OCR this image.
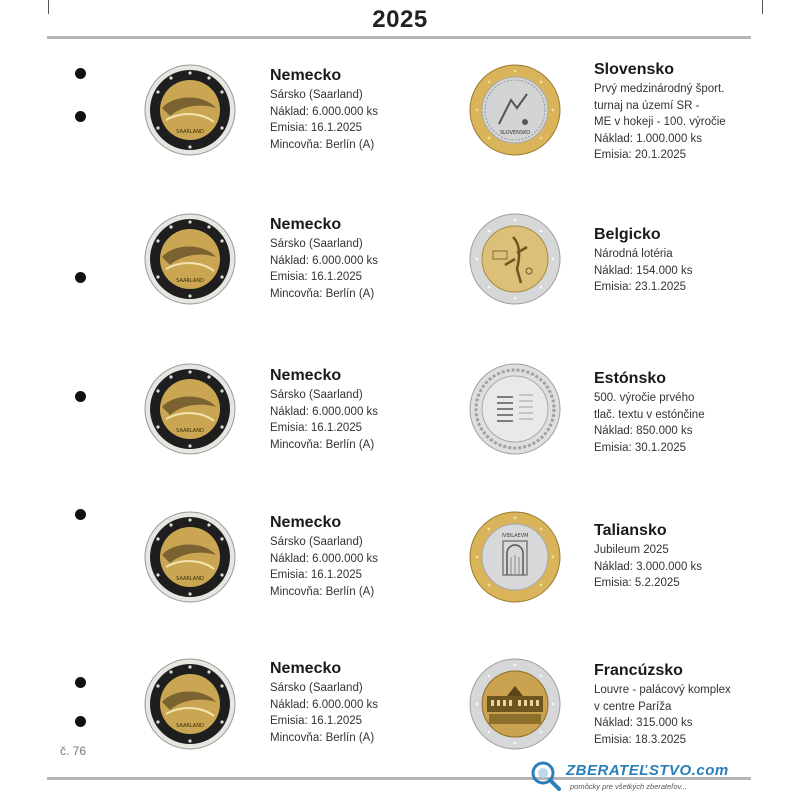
2025
SAARLAND
SAARLAND
SAARLAND
SAARLAND
SAARLAND
Nemecko
Sársko (Saarland)
Náklad: 6.000.000 ks
Emisia: 16.1.2025
Mincovňa: Berlín (A)
Nemecko
Sársko (Saarland)
Náklad: 6.000.000 ks
Emisia: 16.1.2025
Mincovňa: Berlín (A)
Nemecko
Sársko (Saarland)
Náklad: 6.000.000 ks
Emisia: 16.1.2025
Mincovňa: Berlín (A)
Nemecko
Sársko (Saarland)
Náklad: 6.000.000 ks
Emisia: 16.1.2025
Mincovňa: Berlín (A)
Nemecko
Sársko (Saarland)
Náklad: 6.000.000 ks
Emisia: 16.1.2025
Mincovňa: Berlín (A)
SLOVENSKO
IVBILAEVM
Slovensko
Prvý medzinárodný šport.
turnaj na území SR -
ME v hokeji - 100. výročie
Náklad: 1.000.000 ks
Emisia: 20.1.2025
Belgicko
Národná lotéria
Náklad: 154.000 ks
Emisia: 23.1.2025
Estónsko
500. výročie prvého
tlač. textu v estónčine
Náklad: 850.000 ks
Emisia: 30.1.2025
Taliansko
Jubileum 2025
Náklad: 3.000.000 ks
Emisia: 5.2.2025
Francúzsko
Louvre - palácový komplex
v centre Paríža
Náklad: 315.000 ks
Emisia: 18.3.2025
č. 76
ZBERATEĽSTVO.com
pomôcky pre všetkých zberateľov...
